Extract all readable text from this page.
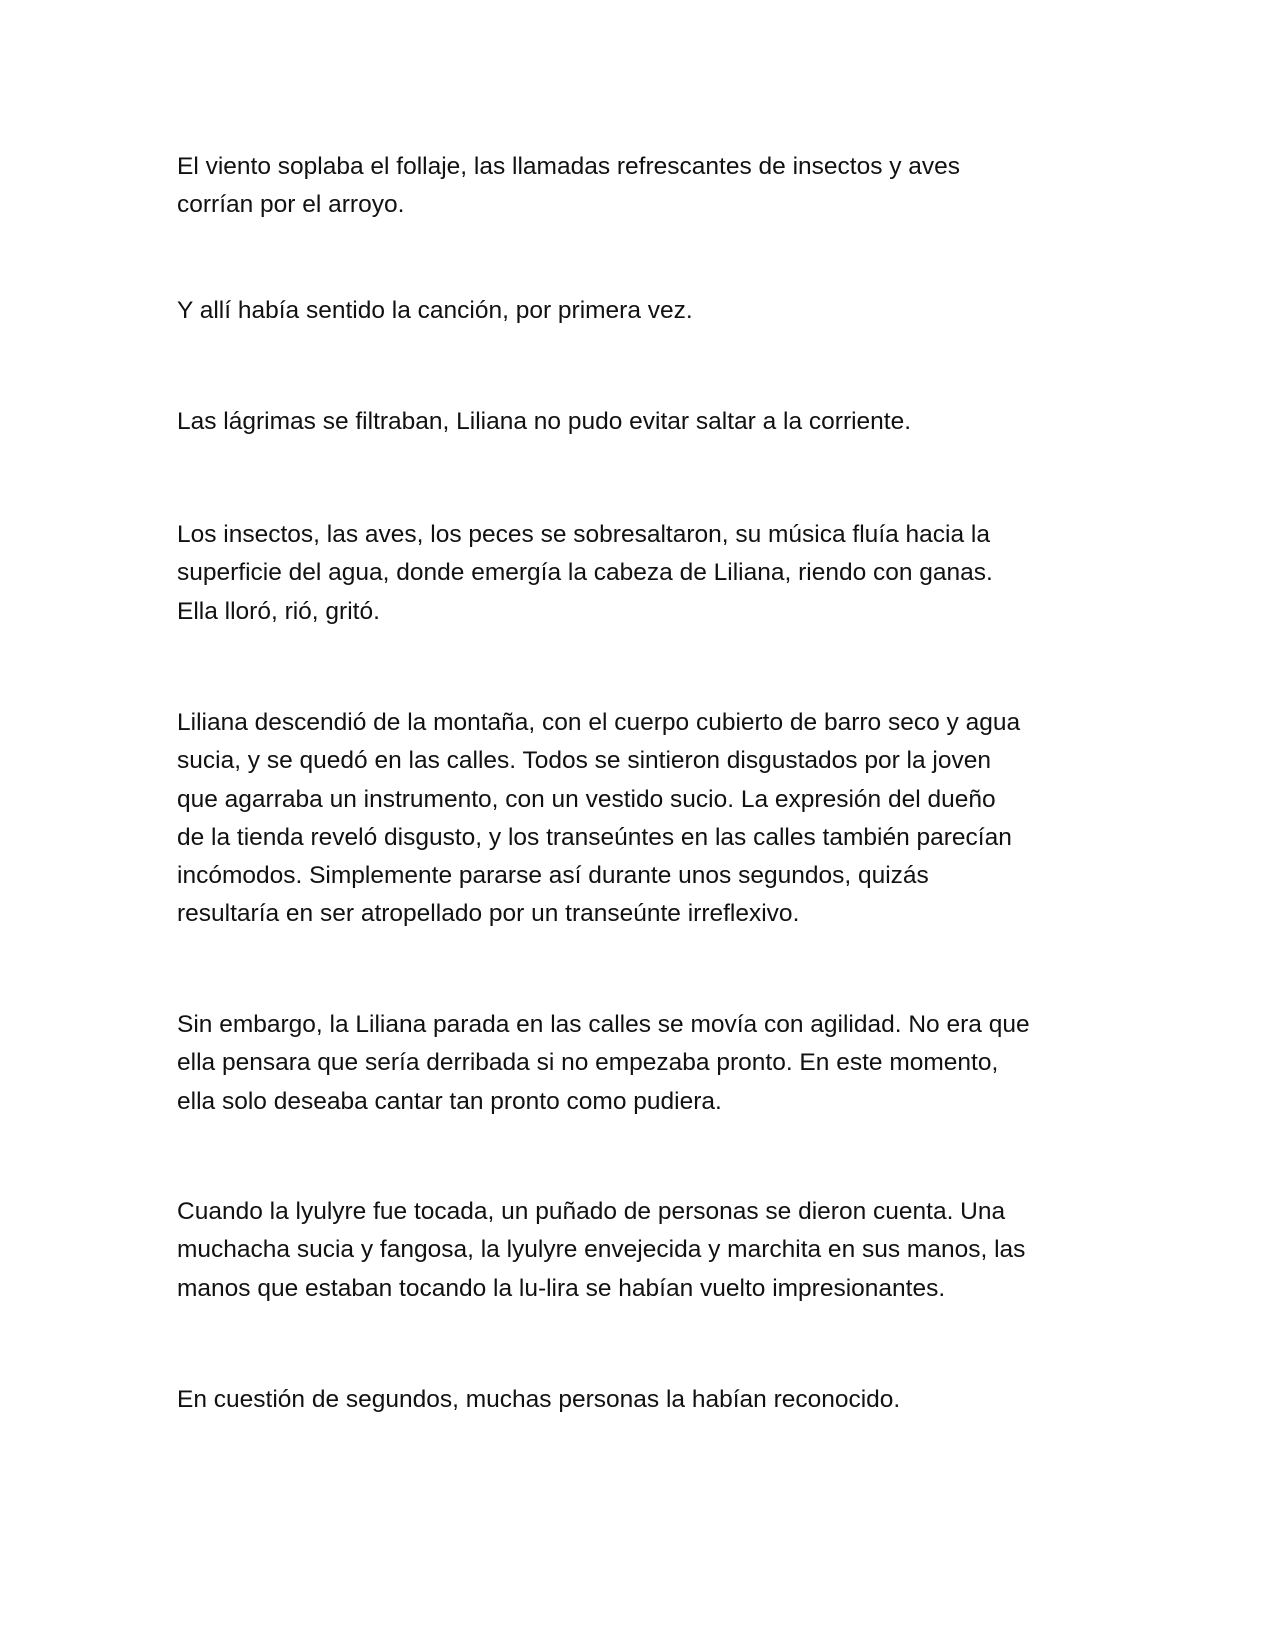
El viento soplaba el follaje, las llamadas refrescantes de insectos y aves
corrían por el arroyo.

Y allí había sentido la canción, por primera vez.

Las lágrimas se filtraban, Liliana no pudo evitar saltar a la corriente.

Los insectos, las aves, los peces se sobresaltaron, su música fluía hacia la
superficie del agua, donde emergía la cabeza de Liliana, riendo con ganas.
Ella lloró, rió, gritó.

Liliana descendió de la montaña, con el cuerpo cubierto de barro seco y agua
sucia, y se quedó en las calles. Todos se sintieron disgustados por la joven
que agarraba un instrumento, con un vestido sucio. La expresión del dueño
de la tienda reveló disgusto, y los transeúntes en las calles también parecían
incómodos. Simplemente pararse así durante unos segundos, quizás
resultaría en ser atropellado por un transeúnte irreflexivo.

Sin embargo, la Liliana parada en las calles se movía con agilidad. No era que
ella pensara que sería derribada si no empezaba pronto. En este momento,
ella solo deseaba cantar tan pronto como pudiera.

Cuando la lyulyre fue tocada, un puñado de personas se dieron cuenta. Una
muchacha sucia y fangosa, la lyulyre envejecida y marchita en sus manos, las
manos que estaban tocando la lu-lira se habían vuelto impresionantes.

En cuestión de segundos, muchas personas la habían reconocido.
